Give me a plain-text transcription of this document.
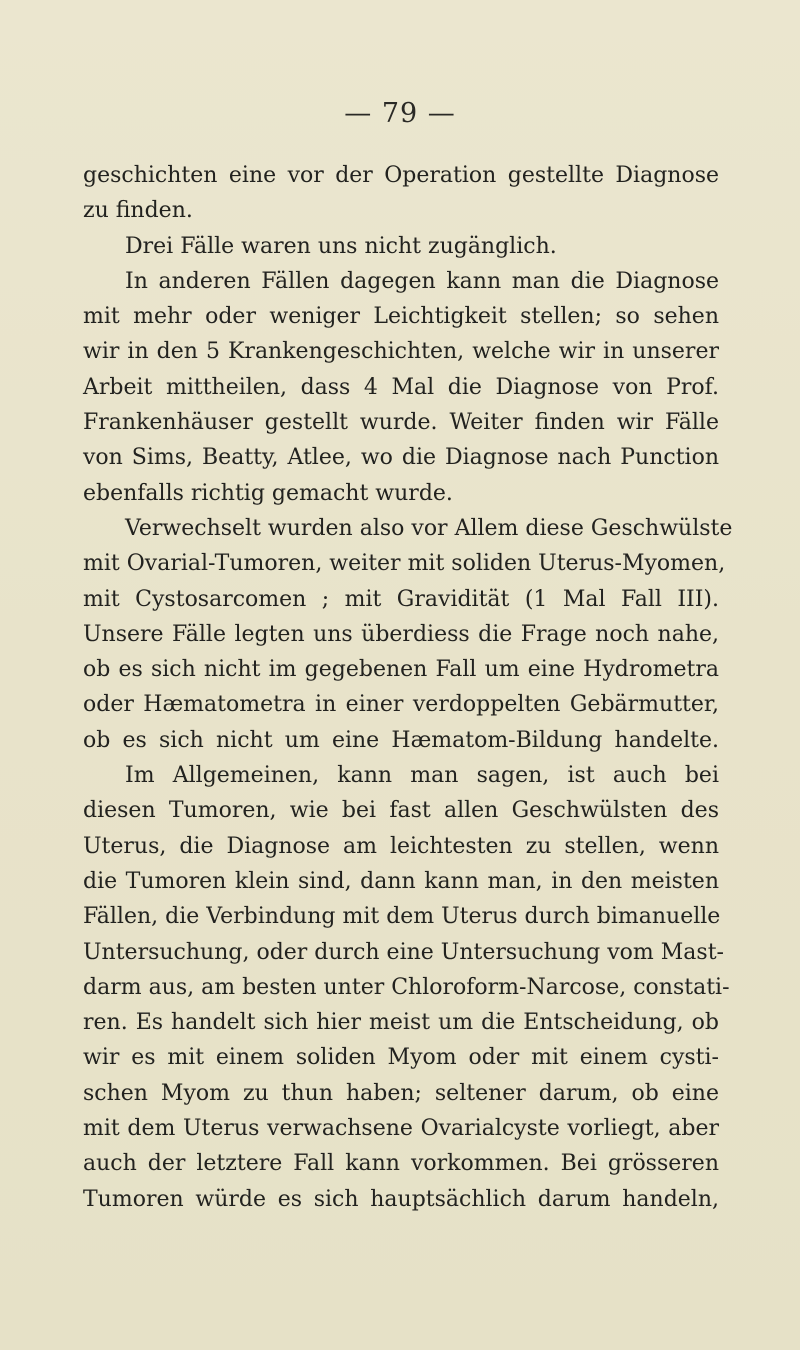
— 79 —
geschichten eine vor der Operation gestellte Diagnose
zu finden.
Drei Fälle waren uns nicht zugänglich.
In anderen Fällen dagegen kann man die Diagnose
mit mehr oder weniger Leichtigkeit stellen; so sehen
wir in den 5 Krankengeschichten, welche wir in unserer
Arbeit mittheilen, dass 4 Mal die Diagnose von Prof.
Frankenhäuser gestellt wurde. Weiter finden wir Fälle
von Sims, Beatty, Atlee, wo die Diagnose nach Punction
ebenfalls richtig gemacht wurde.
Verwechselt wurden also vor Allem diese Geschwülste
mit Ovarial-Tumoren, weiter mit soliden Uterus-Myomen,
mit Cystosarcomen ; mit Gravidität (1 Mal Fall III).
Unsere Fälle legten uns überdiess die Frage noch nahe,
ob es sich nicht im gegebenen Fall um eine Hydrometra
oder Hæmatometra in einer verdoppelten Gebärmutter,
ob es sich nicht um eine Hæmatom-Bildung handelte.
Im Allgemeinen, kann man sagen, ist auch bei
diesen Tumoren, wie bei fast allen Geschwülsten des
Uterus, die Diagnose am leichtesten zu stellen, wenn
die Tumoren klein sind, dann kann man, in den meisten
Fällen, die Verbindung mit dem Uterus durch bimanuelle
Untersuchung, oder durch eine Untersuchung vom Mast-
darm aus, am besten unter Chloroform-Narcose, constati-
ren. Es handelt sich hier meist um die Entscheidung, ob
wir es mit einem soliden Myom oder mit einem cysti-
schen Myom zu thun haben; seltener darum, ob eine
mit dem Uterus verwachsene Ovarialcyste vorliegt, aber
auch der letztere Fall kann vorkommen. Bei grösseren
Tumoren würde es sich hauptsächlich darum handeln,
